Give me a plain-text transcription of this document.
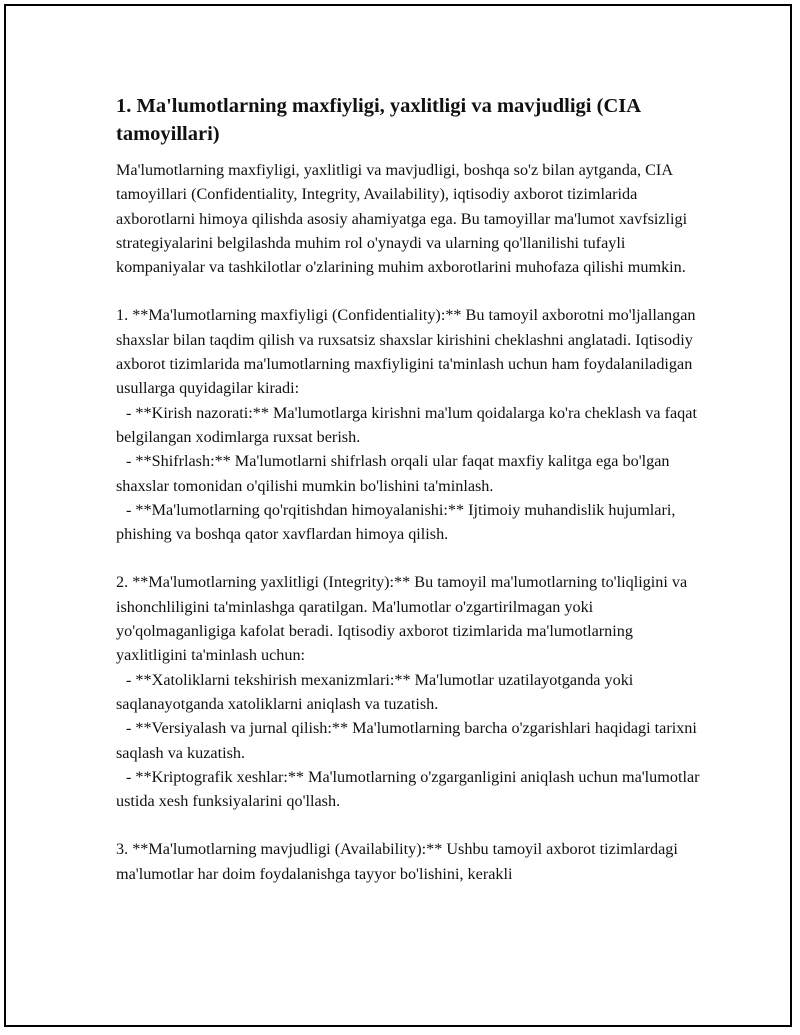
1. Ma'lumotlarning maxfiyligi, yaxlitligi va mavjudligi (CIA tamoyillari)

Ma'lumotlarning maxfiyligi, yaxlitligi va mavjudligi, boshqa so'z bilan aytganda, CIA tamoyillari (Confidentiality, Integrity, Availability), iqtisodiy axborot tizimlarida axborotlarni himoya qilishda asosiy ahamiyatga ega. Bu tamoyillar ma'lumot xavfsizligi strategiyalarini belgilashda muhim rol o'ynaydi va ularning qo'llanilishi tufayli kompaniyalar va tashkilotlar o'zlarining muhim axborotlarini muhofaza qilishi mumkin.

1. **Ma'lumotlarning maxfiyligi (Confidentiality):** Bu tamoyil axborotni mo'ljallangan shaxslar bilan taqdim qilish va ruxsatsiz shaxslar kirishini cheklashni anglatadi. Iqtisodiy axborot tizimlarida ma'lumotlarning maxfiyligini ta'minlash uchun ham foydalaniladigan usullarga quyidagilar kiradi:
- **Kirish nazorati:** Ma'lumotlarga kirishni ma'lum qoidalarga ko'ra cheklash va faqat belgilangan xodimlarga ruxsat berish.
- **Shifrlash:** Ma'lumotlarni shifrlash orqali ular faqat maxfiy kalitga ega bo'lgan shaxslar tomonidan o'qilishi mumkin bo'lishini ta'minlash.
- **Ma'lumotlarning qo'rqitishdan himoyalanishi:** Ijtimoiy muhandislik hujumlari, phishing va boshqa qator xavflardan himoya qilish.
2. **Ma'lumotlarning yaxlitligi (Integrity):** Bu tamoyil ma'lumotlarning to'liqligini va ishonchliligini ta'minlashga qaratilgan. Ma'lumotlar o'zgartirilmagan yoki yo'qolmaganligiga kafolat beradi. Iqtisodiy axborot tizimlarida ma'lumotlarning yaxlitligini ta'minlash uchun:
- **Xatoliklarni tekshirish mexanizmlari:** Ma'lumotlar uzatilayotganda yoki saqlanayotganda xatoliklarni aniqlash va tuzatish.
- **Versiyalash va jurnal qilish:** Ma'lumotlarning barcha o'zgarishlari haqidagi tarixni saqlash va kuzatish.
- **Kriptografik xeshlar:** Ma'lumotlarning o'zgarganligini aniqlash uchun ma'lumotlar ustida xesh funksiyalarini qo'llash.
3. **Ma'lumotlarning mavjudligi (Availability):** Ushbu tamoyil axborot tizimlardagi ma'lumotlar har doim foydalanishga tayyor bo'lishini, kerakli
